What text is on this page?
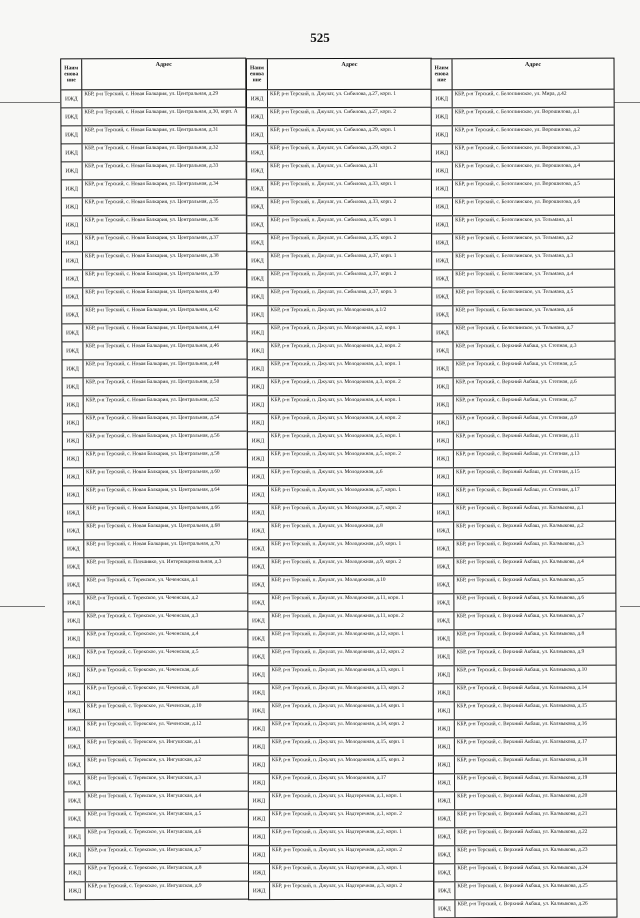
525
Наим енова ние
Адрес
ИЖД
КБР, р-н Терский, с. Новая Балкария, ул. Центральная, д.29
ИЖД
КБР, р-н Терский, с. Новая Балкария, ул. Центральная, д.30, корп. А
ИЖД
КБР, р-н Терский, с. Новая Балкария, ул. Центральная, д.31
ИЖД
КБР, р-н Терский, с. Новая Балкария, ул. Центральная, д.32
ИЖД
КБР, р-н Терский, с. Новая Балкария, ул. Центральная, д.33
ИЖД
КБР, р-н Терский, с. Новая Балкария, ул. Центральная, д.34
ИЖД
КБР, р-н Терский, с. Новая Балкария, ул. Центральная, д.35
ИЖД
КБР, р-н Терский, с. Новая Балкария, ул. Центральная, д.36
ИЖД
КБР, р-н Терский, с. Новая Балкария, ул. Центральная, д.37
ИЖД
КБР, р-н Терский, с. Новая Балкария, ул. Центральная, д.38
ИЖД
КБР, р-н Терский, с. Новая Балкария, ул. Центральная, д.39
ИЖД
КБР, р-н Терский, с. Новая Балкария, ул. Центральная, д.40
ИЖД
КБР, р-н Терский, с. Новая Балкария, ул. Центральная, д.42
ИЖД
КБР, р-н Терский, с. Новая Балкария, ул. Центральная, д.44
ИЖД
КБР, р-н Терский, с. Новая Балкария, ул. Центральная, д.46
ИЖД
КБР, р-н Терский, с. Новая Балкария, ул. Центральная, д.48
ИЖД
КБР, р-н Терский, с. Новая Балкария, ул. Центральная, д.50
ИЖД
КБР, р-н Терский, с. Новая Балкария, ул. Центральная, д.52
ИЖД
КБР, р-н Терский, с. Новая Балкария, ул. Центральная, д.54
ИЖД
КБР, р-н Терский, с. Новая Балкария, ул. Центральная, д.56
ИЖД
КБР, р-н Терский, с. Новая Балкария, ул. Центральная, д.58
ИЖД
КБР, р-н Терский, с. Новая Балкария, ул. Центральная, д.60
ИЖД
КБР, р-н Терский, с. Новая Балкария, ул. Центральная, д.64
ИЖД
КБР, р-н Терский, с. Новая Балкария, ул. Центральная, д.66
ИЖД
КБР, р-н Терский, с. Новая Балкария, ул. Центральная, д.68
ИЖД
КБР, р-н Терский, с. Новая Балкария, ул. Центральная, д.70
ИЖД
КБР, р-н Терский, п. Плешивко, ул. Интернациональная, д.3
ИЖД
КБР, р-н Терский, с. Терекское, ул. Чеченская, д.1
ИЖД
КБР, р-н Терский, с. Терекское, ул. Чеченская, д.2
ИЖД
КБР, р-н Терский, с. Терекское, ул. Чеченская, д.3
ИЖД
КБР, р-н Терский, с. Терекское, ул. Чеченская, д.4
ИЖД
КБР, р-н Терский, с. Терекское, ул. Чеченская, д.5
ИЖД
КБР, р-н Терский, с. Терекское, ул. Чеченская, д.6
ИЖД
КБР, р-н Терский, с. Терекское, ул. Чеченская, д.8
ИЖД
КБР, р-н Терский, с. Терекское, ул. Чеченская, д.10
ИЖД
КБР, р-н Терский, с. Терекское, ул. Чеченская, д.12
ИЖД
КБР, р-н Терский, с. Терекское, ул. Ингушская, д.1
ИЖД
КБР, р-н Терский, с. Терекское, ул. Ингушская, д.2
ИЖД
КБР, р-н Терский, с. Терекское, ул. Ингушская, д.3
ИЖД
КБР, р-н Терский, с. Терекское, ул. Ингушская, д.4
ИЖД
КБР, р-н Терский, с. Терекское, ул. Ингушская, д.5
ИЖД
КБР, р-н Терский, с. Терекское, ул. Ингушская, д.6
ИЖД
КБР, р-н Терский, с. Терекское, ул. Ингушская, д.7
ИЖД
КБР, р-н Терский, с. Терекское, ул. Ингушская, д.8
ИЖД
КБР, р-н Терский, с. Терекское, ул. Ингушская, д.9
Наим енова ние
Адрес
ИЖД
КБР, р-н Терский, п. Джулат, ул. Сибилова, д.27, корп. 1
ИЖД
КБР, р-н Терский, п. Джулат, ул. Сибилова, д.27, корп. 2
ИЖД
КБР, р-н Терский, п. Джулат, ул. Сибилова, д.29, корп. 1
ИЖД
КБР, р-н Терский, п. Джулат, ул. Сибилова, д.29, корп. 2
ИЖД
КБР, р-н Терский, п. Джулат, ул. Сибилова, д.31
ИЖД
КБР, р-н Терский, п. Джулат, ул. Сибилова, д.33, корп. 1
ИЖД
КБР, р-н Терский, п. Джулат, ул. Сибилова, д.33, корп. 2
ИЖД
КБР, р-н Терский, п. Джулат, ул. Сибилова, д.35, корп. 1
ИЖД
КБР, р-н Терский, п. Джулат, ул. Сибилова, д.35, корп. 2
ИЖД
КБР, р-н Терский, п. Джулат, ул. Сибилова, д.37, корп. 1
ИЖД
КБР, р-н Терский, п. Джулат, ул. Сибилова, д.37, корп. 2
ИЖД
КБР, р-н Терский, п. Джулат, ул. Сибилова, д.37, корп. 3
ИЖД
КБР, р-н Терский, п. Джулат, ул. Молодежная, д.1/2
ИЖД
КБР, р-н Терский, п. Джулат, ул. Молодежная, д.2, корп. 1
ИЖД
КБР, р-н Терский, п. Джулат, ул. Молодежная, д.2, корп. 2
ИЖД
КБР, р-н Терский, п. Джулат, ул. Молодежная, д.3, корп. 1
ИЖД
КБР, р-н Терский, п. Джулат, ул. Молодежная, д.3, корп. 2
ИЖД
КБР, р-н Терский, п. Джулат, ул. Молодежная, д.4, корп. 1
ИЖД
КБР, р-н Терский, п. Джулат, ул. Молодежная, д.4, корп. 2
ИЖД
КБР, р-н Терский, п. Джулат, ул. Молодежная, д.5, корп. 1
ИЖД
КБР, р-н Терский, п. Джулат, ул. Молодежная, д.5, корп. 2
ИЖД
КБР, р-н Терский, п. Джулат, ул. Молодежная, д.6
ИЖД
КБР, р-н Терский, п. Джулат, ул. Молодежная, д.7, корп. 1
ИЖД
КБР, р-н Терский, п. Джулат, ул. Молодежная, д.7, корп. 2
ИЖД
КБР, р-н Терский, п. Джулат, ул. Молодежная, д.8
ИЖД
КБР, р-н Терский, п. Джулат, ул. Молодежная, д.9, корп. 1
ИЖД
КБР, р-н Терский, п. Джулат, ул. Молодежная, д.9, корп. 2
ИЖД
КБР, р-н Терский, п. Джулат, ул. Молодежная, д.10
ИЖД
КБР, р-н Терский, п. Джулат, ул. Молодежная, д.11, корп. 1
ИЖД
КБР, р-н Терский, п. Джулат, ул. Молодежная, д.11, корп. 2
ИЖД
КБР, р-н Терский, п. Джулат, ул. Молодежная, д.12, корп. 1
ИЖД
КБР, р-н Терский, п. Джулат, ул. Молодежная, д.12, корп. 2
ИЖД
КБР, р-н Терский, п. Джулат, ул. Молодежная, д.13, корп. 1
ИЖД
КБР, р-н Терский, п. Джулат, ул. Молодежная, д.13, корп. 2
ИЖД
КБР, р-н Терский, п. Джулат, ул. Молодежная, д.14, корп. 1
ИЖД
КБР, р-н Терский, п. Джулат, ул. Молодежная, д.14, корп. 2
ИЖД
КБР, р-н Терский, п. Джулат, ул. Молодежная, д.15, корп. 1
ИЖД
КБР, р-н Терский, п. Джулат, ул. Молодежная, д.15, корп. 2
ИЖД
КБР, р-н Терский, п. Джулат, ул. Молодежная, д.17
ИЖД
КБР, р-н Терский, п. Джулат, ул. Надтеречная, д.1, корп. 1
ИЖД
КБР, р-н Терский, п. Джулат, ул. Надтеречная, д.1, корп. 2
ИЖД
КБР, р-н Терский, п. Джулат, ул. Надтеречная, д.2, корп. 1
ИЖД
КБР, р-н Терский, п. Джулат, ул. Надтеречная, д.2, корп. 2
ИЖД
КБР, р-н Терский, п. Джулат, ул. Надтеречная, д.3, корп. 1
ИЖД
КБР, р-н Терский, п. Джулат, ул. Надтеречная, д.3, корп. 2
Наим енова ние
Адрес
ИЖД
КБР, р-н Терский, с. Белоглинское, ул. Мира, д.42
ИЖД
КБР, р-н Терский, с. Белоглинское, ул. Ворошилова, д.1
ИЖД
КБР, р-н Терский, с. Белоглинское, ул. Ворошилова, д.2
ИЖД
КБР, р-н Терский, с. Белоглинское, ул. Ворошилова, д.3
ИЖД
КБР, р-н Терский, с. Белоглинское, ул. Ворошилова, д.4
ИЖД
КБР, р-н Терский, с. Белоглинское, ул. Ворошилова, д.5
ИЖД
КБР, р-н Терский, с. Белоглинское, ул. Ворошилова, д.6
ИЖД
КБР, р-н Терский, с. Белоглинское, ул. Тельмана, д.1
ИЖД
КБР, р-н Терский, с. Белоглинское, ул. Тельмана, д.2
ИЖД
КБР, р-н Терский, с. Белоглинское, ул. Тельмана, д.3
ИЖД
КБР, р-н Терский, с. Белоглинское, ул. Тельмана, д.4
ИЖД
КБР, р-н Терский, с. Белоглинское, ул. Тельмана, д.5
ИЖД
КБР, р-н Терский, с. Белоглинское, ул. Тельмана, д.6
ИЖД
КБР, р-н Терский, с. Белоглинское, ул. Тельмана, д.7
ИЖД
КБР, р-н Терский, с. Верхний Акбаш, ул. Степная, д.3
ИЖД
КБР, р-н Терский, с. Верхний Акбаш, ул. Степная, д.5
ИЖД
КБР, р-н Терский, с. Верхний Акбаш, ул. Степная, д.6
ИЖД
КБР, р-н Терский, с. Верхний Акбаш, ул. Степная, д.7
ИЖД
КБР, р-н Терский, с. Верхний Акбаш, ул. Степная, д.9
ИЖД
КБР, р-н Терский, с. Верхний Акбаш, ул. Степная, д.11
ИЖД
КБР, р-н Терский, с. Верхний Акбаш, ул. Степная, д.13
ИЖД
КБР, р-н Терский, с. Верхний Акбаш, ул. Степная, д.15
ИЖД
КБР, р-н Терский, с. Верхний Акбаш, ул. Степная, д.17
ИЖД
КБР, р-н Терский, с. Верхний Акбаш, ул. Калмыкова, д.1
ИЖД
КБР, р-н Терский, с. Верхний Акбаш, ул. Калмыкова, д.2
ИЖД
КБР, р-н Терский, с. Верхний Акбаш, ул. Калмыкова, д.3
ИЖД
КБР, р-н Терский, с. Верхний Акбаш, ул. Калмыкова, д.4
ИЖД
КБР, р-н Терский, с. Верхний Акбаш, ул. Калмыкова, д.5
ИЖД
КБР, р-н Терский, с. Верхний Акбаш, ул. Калмыкова, д.6
ИЖД
КБР, р-н Терский, с. Верхний Акбаш, ул. Калмыкова, д.7
ИЖД
КБР, р-н Терский, с. Верхний Акбаш, ул. Калмыкова, д.8
ИЖД
КБР, р-н Терский, с. Верхний Акбаш, ул. Калмыкова, д.9
ИЖД
КБР, р-н Терский, с. Верхний Акбаш, ул. Калмыкова, д.10
ИЖД
КБР, р-н Терский, с. Верхний Акбаш, ул. Калмыкова, д.14
ИЖД
КБР, р-н Терский, с. Верхний Акбаш, ул. Калмыкова, д.15
ИЖД
КБР, р-н Терский, с. Верхний Акбаш, ул. Калмыкова, д.16
ИЖД
КБР, р-н Терский, с. Верхний Акбаш, ул. Калмыкова, д.17
ИЖД
КБР, р-н Терский, с. Верхний Акбаш, ул. Калмыкова, д.18
ИЖД
КБР, р-н Терский, с. Верхний Акбаш, ул. Калмыкова, д.19
ИЖД
КБР, р-н Терский, с. Верхний Акбаш, ул. Калмыкова, д.20
ИЖД
КБР, р-н Терский, с. Верхний Акбаш, ул. Калмыкова, д.21
ИЖД
КБР, р-н Терский, с. Верхний Акбаш, ул. Калмыкова, д.22
ИЖД
КБР, р-н Терский, с. Верхний Акбаш, ул. Калмыкова, д.23
ИЖД
КБР, р-н Терский, с. Верхний Акбаш, ул. Калмыкова, д.24
ИЖД
КБР, р-н Терский, с. Верхний Акбаш, ул. Калмыкова, д.25
ИЖД
КБР, р-н Терский, с. Верхний Акбаш, ул. Калмыкова, д.26
